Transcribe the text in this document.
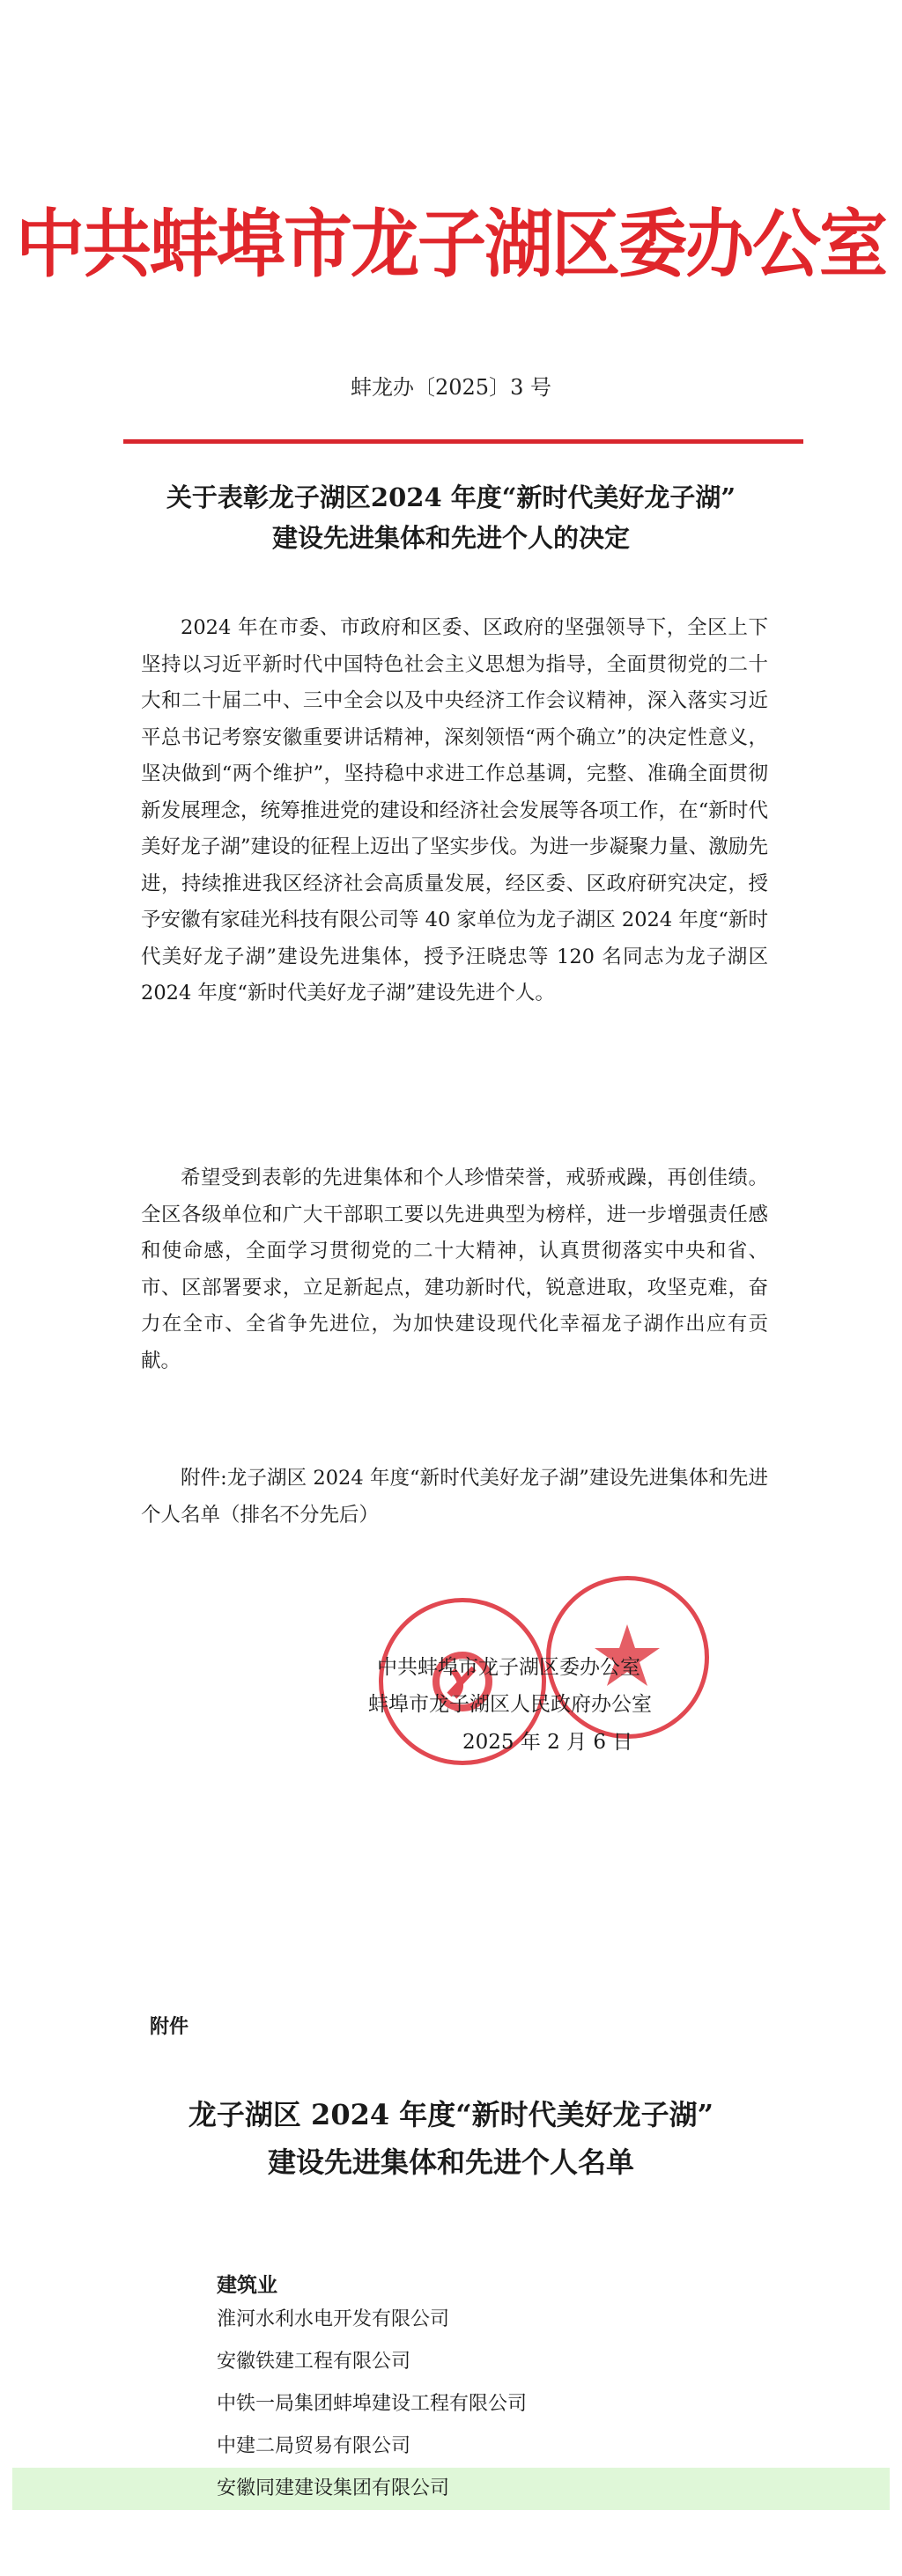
中共蚌埠市龙子湖区委办公室
蚌龙办〔2025〕3 号
关于表彰龙子湖区2024 年度“新时代美好龙子湖”
建设先进集体和先进个人的决定

2024 年在市委、市政府和区委、区政府的坚强领导下，全区上下坚持以习近平新时代中国特色社会主义思想为指导，全面贯彻党的二十大和二十届二中、三中全会以及中央经济工作会议精神，深入落实习近平总书记考察安徽重要讲话精神，深刻领悟“两个确立”的决定性意义，坚决做到“两个维护”，坚持稳中求进工作总基调，完整、准确全面贯彻新发展理念，统筹推进党的建设和经济社会发展等各项工作，在“新时代美好龙子湖”建设的征程上迈出了坚实步伐。为进一步凝聚力量、激励先进，持续推进我区经济社会高质量发展，经区委、区政府研究决定，授予安徽有家硅光科技有限公司等 40 家单位为龙子湖区 2024 年度“新时代美好龙子湖”建设先进集体，授予汪晓忠等 120 名同志为龙子湖区 2024 年度“新时代美好龙子湖”建设先进个人。

希望受到表彰的先进集体和个人珍惜荣誉，戒骄戒躁，再创佳绩。全区各级单位和广大干部职工要以先进典型为榜样，进一步增强责任感和使命感，全面学习贯彻党的二十大精神，认真贯彻落实中央和省、市、区部署要求，立足新起点，建功新时代，锐意进取，攻坚克难，奋力在全市、全省争先进位，为加快建设现代化幸福龙子湖作出应有贡献。

附件:龙子湖区 2024 年度“新时代美好龙子湖”建设先进集体和先进个人名单（排名不分先后）

中共蚌埠市龙子湖区委办公室
蚌埠市龙子湖区人民政府办公室
2025 年 2 月 6 日
附件
龙子湖区 2024 年度“新时代美好龙子湖”
建设先进集体和先进个人名单
建筑业
淮河水利水电开发有限公司
安徽铁建工程有限公司
中铁一局集团蚌埠建设工程有限公司
中建二局贸易有限公司
安徽同建建设集团有限公司
